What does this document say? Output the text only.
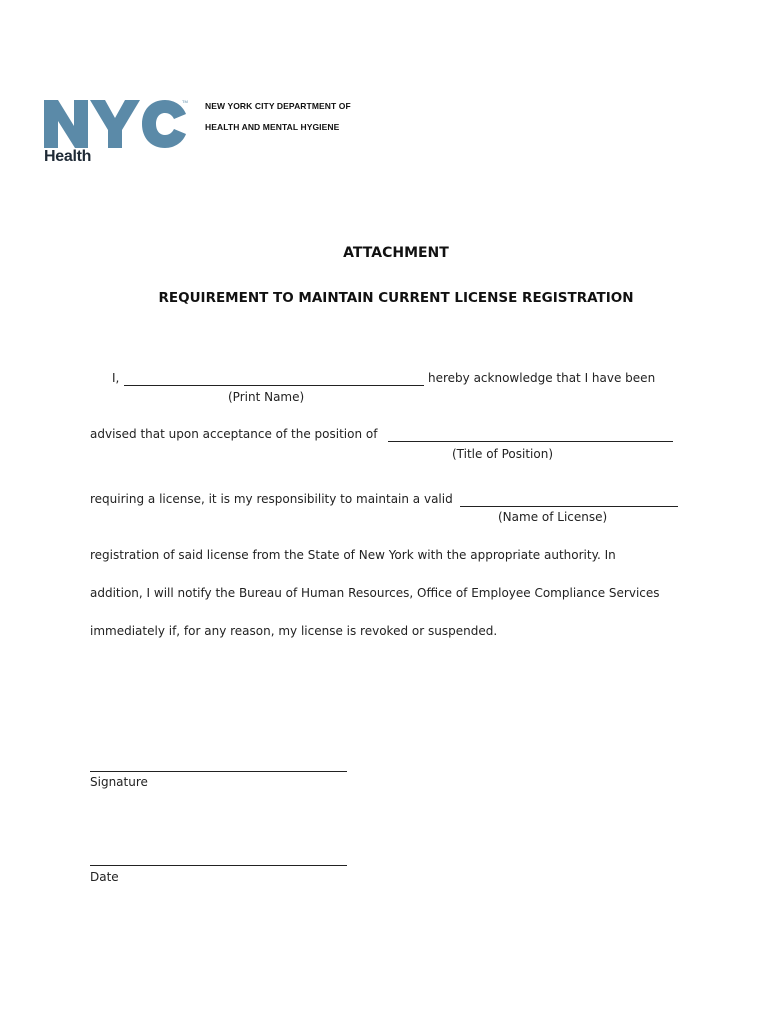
TM
Health
NEW YORK CITY DEPARTMENT OF
HEALTH AND MENTAL HYGIENE
ATTACHMENT
REQUIREMENT TO MAINTAIN CURRENT LICENSE REGISTRATION
I,	hereby acknowledge that I have been
(Print Name)
advised that upon acceptance of the position of
(Title of Position)
requiring a license, it is my responsibility to maintain a valid
(Name of License)
registration of said license from the State of New York with the appropriate authority. In
addition, I will notify the Bureau of Human Resources, Office of Employee Compliance Services
immediately if, for any reason, my license is revoked or suspended.
Signature
Date
